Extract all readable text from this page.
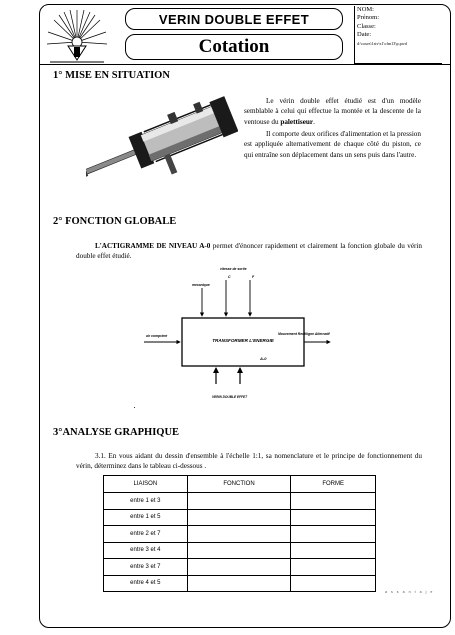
VERIN DOUBLE EFFET
Cotation
NOM:
Prénom:
Classe:
Date:
d:\cours\1stv\s1\cfm13\p.pwd
1° MISE EN SITUATION
Le vérin double effet étudié est d'un modèle semblable à celui qui effectue la montée et la descente de la ventouse du palettiseur.
Il comporte deux orifices d'alimentation et la pression est appliquée alternativement de chaque côté du piston, ce qui entraîne son déplacement dans un sens puis dans l'autre.
2° FONCTION GLOBALE
L'ACTIGRAMME DE NIVEAU A-0 permet d'énoncer rapidement et clairement la fonction globale du vérin double effet étudié.
TRANSFORMER L'ENERGIE
A-0
air comprimé	Mouvement Rectiligne Alternatif
mecanique
vitesse de sortie
C	F
VERIN DOUBLE EFFET
3°ANALYSE GRAPHIQUE
3.1. En vous aidant du dessin d'ensemble à l'échelle 1:1, sa nomenclature et le principe de fonctionnement du vérin, déterminez dans le tableau ci-dessous .
LIAISON	FONCTION	FORME
entre 1 et 3		
entre 1 et 5		
entre 2 et 7		
entre 3 et 4		
entre 3 et 7		
entre 4 et 5		
a s s a n t a j e
